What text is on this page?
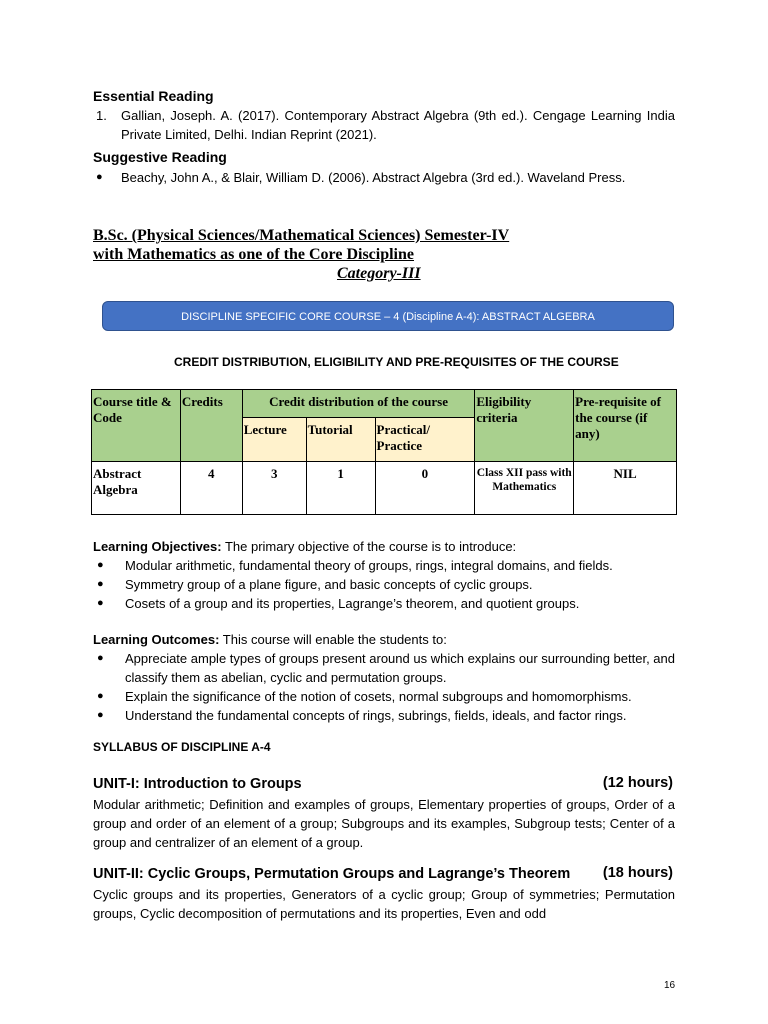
Essential Reading
1. Gallian, Joseph. A. (2017). Contemporary Abstract Algebra (9th ed.). Cengage Learning India Private Limited, Delhi. Indian Reprint (2021).
Suggestive Reading
● Beachy, John A., & Blair, William D. (2006). Abstract Algebra (3rd ed.). Waveland Press.
B.Sc. (Physical Sciences/Mathematical Sciences) Semester-IV
with Mathematics as one of the Core Discipline
Category-III
DISCIPLINE SPECIFIC CORE COURSE – 4 (Discipline A-4): ABSTRACT ALGEBRA
CREDIT DISTRIBUTION, ELIGIBILITY AND PRE-REQUISITES OF THE COURSE
Course title & Code	Credits	Credit distribution of the course			Eligibility criteria	Pre-requisite of the course (if any)
		Lecture	Tutorial	Practical/ Practice		
Abstract Algebra	4	3	1	0	Class XII pass with Mathematics	NIL
Learning Objectives: The primary objective of the course is to introduce:
● Modular arithmetic, fundamental theory of groups, rings, integral domains, and fields.
● Symmetry group of a plane figure, and basic concepts of cyclic groups.
● Cosets of a group and its properties, Lagrange’s theorem, and quotient groups.
Learning Outcomes: This course will enable the students to:
● Appreciate ample types of groups present around us which explains our surrounding better, and classify them as abelian, cyclic and permutation groups.
● Explain the significance of the notion of cosets, normal subgroups and homomorphisms.
● Understand the fundamental concepts of rings, subrings, fields, ideals, and factor rings.
SYLLABUS OF DISCIPLINE A-4
UNIT-I: Introduction to Groups	(12 hours)
Modular arithmetic; Definition and examples of groups, Elementary properties of groups, Order of a group and order of an element of a group; Subgroups and its examples, Subgroup tests; Center of a group and centralizer of an element of a group.
UNIT-II: Cyclic Groups, Permutation Groups and Lagrange’s Theorem (18 hours)
Cyclic groups and its properties, Generators of a cyclic group; Group of symmetries; Permutation groups, Cyclic decomposition of permutations and its properties, Even and odd
16
